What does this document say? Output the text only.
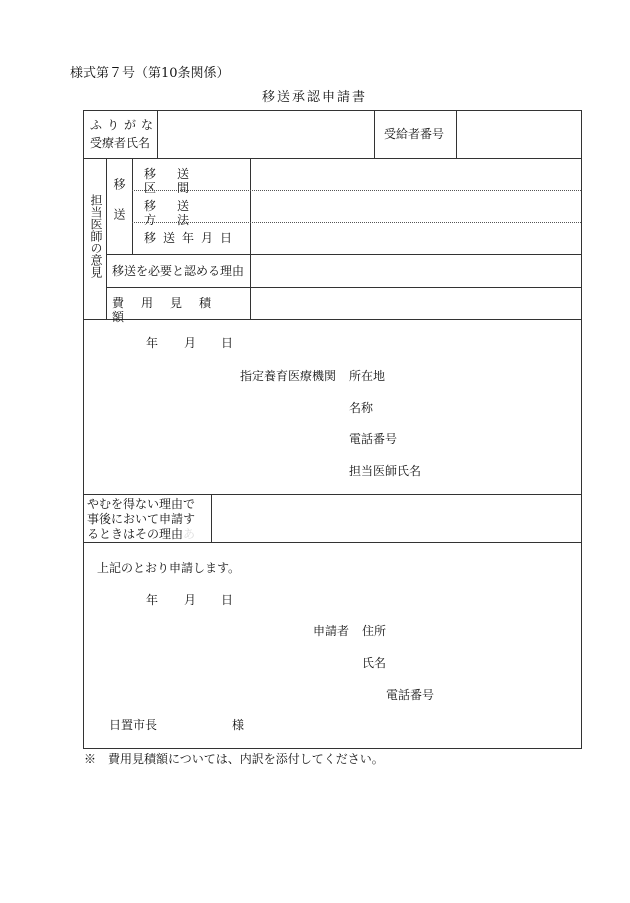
様式第７号（第10条関係）
移送承認申請書
ふりがな
受療者氏名
受給者番号
担当医師の意見 移送
移送区間
移送方法
移送年月日
移送を必要と認める理由
費用見積額
年 月 日
指定養育医療機関 所在地
名称
電話番号
担当医師氏名
やむを得ない理由で
事後において申請す
るときはその理由あ
上記のとおり申請します。
年 月 日
申請者 住所
氏名
電話番号
日置市長	様
※　費用見積額については、内訳を添付してください。
